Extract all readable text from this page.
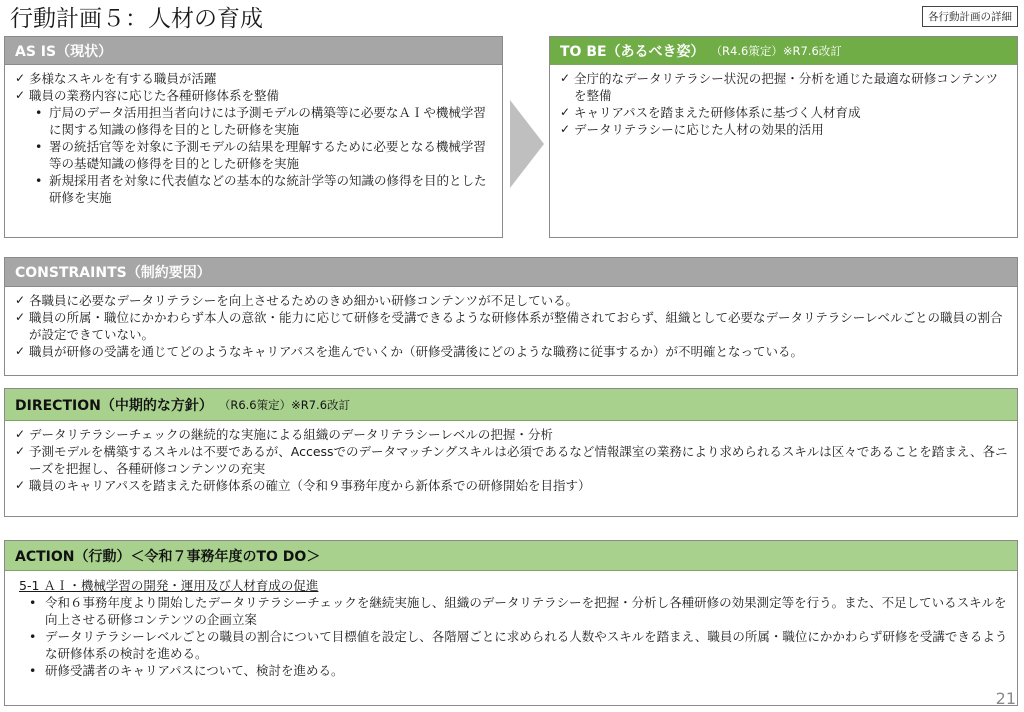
行動計画５：人材の育成	各行動計画の詳細
AS IS（現状）
✓ 多様なスキルを有する職員が活躍
✓ 職員の業務内容に応じた各種研修体系を整備
• 庁局のデータ活用担当者向けには予測モデルの構築等に必要なＡＩや機械学習に関する知識の修得を目的とした研修を実施
• 署の統括官等を対象に予測モデルの結果を理解するために必要となる機械学習等の基礎知識の修得を目的とした研修を実施
• 新規採用者を対象に代表値などの基本的な統計学等の知識の修得を目的とした研修を実施
TO BE（あるべき姿） （R4.6策定）※R7.6改訂
✓ 全庁的なデータリテラシー状況の把握・分析を通じた最適な研修コンテンツを整備
✓ キャリアパスを踏まえた研修体系に基づく人材育成
✓ データリテラシーに応じた人材の効果的活用
CONSTRAINTS（制約要因）
✓ 各職員に必要なデータリテラシーを向上させるためのきめ細かい研修コンテンツが不足している。
✓ 職員の所属・職位にかかわらず本人の意欲・能力に応じて研修を受講できるような研修体系が整備されておらず、組織として必要なデータリテラシーレベルごとの職員の割合が設定できていない。
✓ 職員が研修の受講を通じてどのようなキャリアパスを進んでいくか（研修受講後にどのような職務に従事するか）が不明確となっている。
DIRECTION（中期的な方針） （R6.6策定）※R7.6改訂
✓ データリテラシーチェックの継続的な実施による組織のデータリテラシーレベルの把握・分析
✓ 予測モデルを構築するスキルは不要であるが、Accessでのデータマッチングスキルは必須であるなど情報課室の業務により求められるスキルは区々であることを踏まえ、各ニーズを把握し、各種研修コンテンツの充実
✓ 職員のキャリアパスを踏まえた研修体系の確立（令和９事務年度から新体系での研修開始を目指す）
ACTION（行動）＜令和７事務年度のTO DO＞
5-1 ＡＩ・機械学習の開発・運用及び人材育成の促進
• 令和６事務年度より開始したデータリテラシーチェックを継続実施し、組織のデータリテラシーを把握・分析し各種研修の効果測定等を行う。また、不足しているスキルを向上させる研修コンテンツの企画立案
• データリテラシーレベルごとの職員の割合について目標値を設定し、各階層ごとに求められる人数やスキルを踏まえ、職員の所属・職位にかかわらず研修を受講できるような研修体系の検討を進める。
• 研修受講者のキャリアパスについて、検討を進める。
21
